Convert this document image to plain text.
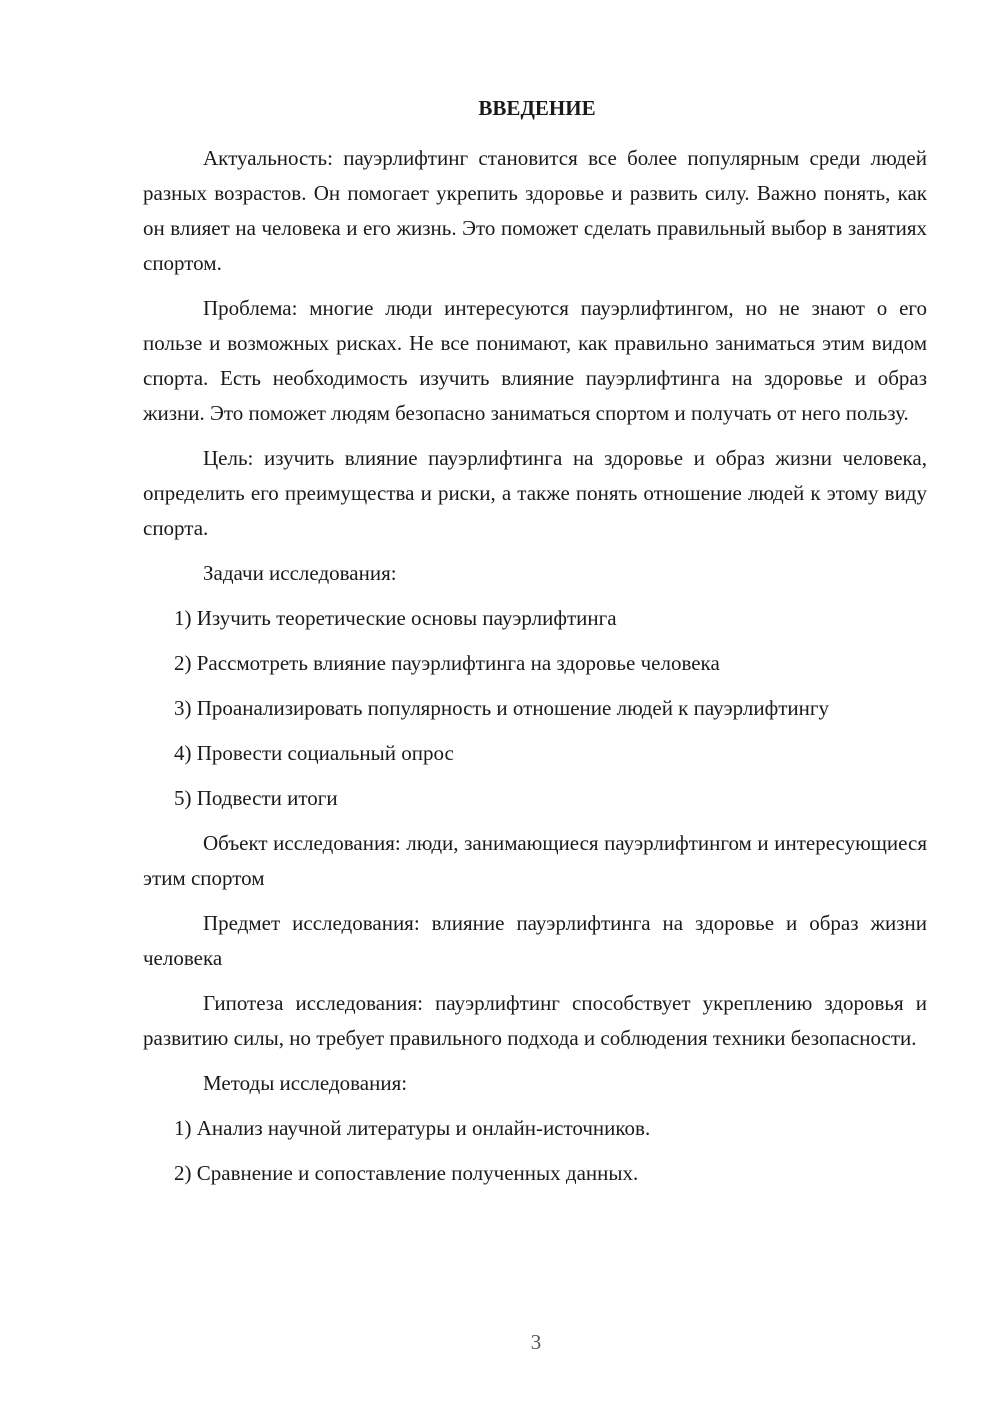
ВВЕДЕНИЕ

Актуальность: пауэрлифтинг становится все более популярным среди людей разных возрастов. Он помогает укрепить здоровье и развить силу. Важно понять, как он влияет на человека и его жизнь. Это поможет сделать правильный выбор в занятиях спортом.

Проблема: многие люди интересуются пауэрлифтингом, но не знают о его пользе и возможных рисках. Не все понимают, как правильно заниматься этим видом спорта. Есть необходимость изучить влияние пауэрлифтинга на здоровье и образ жизни. Это поможет людям безопасно заниматься спортом и получать от него пользу.

Цель: изучить влияние пауэрлифтинга на здоровье и образ жизни человека, определить его преимущества и риски, а также понять отношение людей к этому виду спорта.

Задачи исследования:

1) Изучить теоретические основы пауэрлифтинга

2) Рассмотреть влияние пауэрлифтинга на здоровье человека

3) Проанализировать популярность и отношение людей к пауэрлифтингу

4) Провести социальный опрос

5) Подвести итоги

Объект исследования: люди, занимающиеся пауэрлифтингом и интересующиеся этим спортом

Предмет исследования: влияние пауэрлифтинга на здоровье и образ жизни человека

Гипотеза исследования: пауэрлифтинг способствует укреплению здоровья и развитию силы, но требует правильного подхода и соблюдения техники безопасности.

Методы исследования:

1) Анализ научной литературы и онлайн-источников.

2) Сравнение и сопоставление полученных данных.

3
